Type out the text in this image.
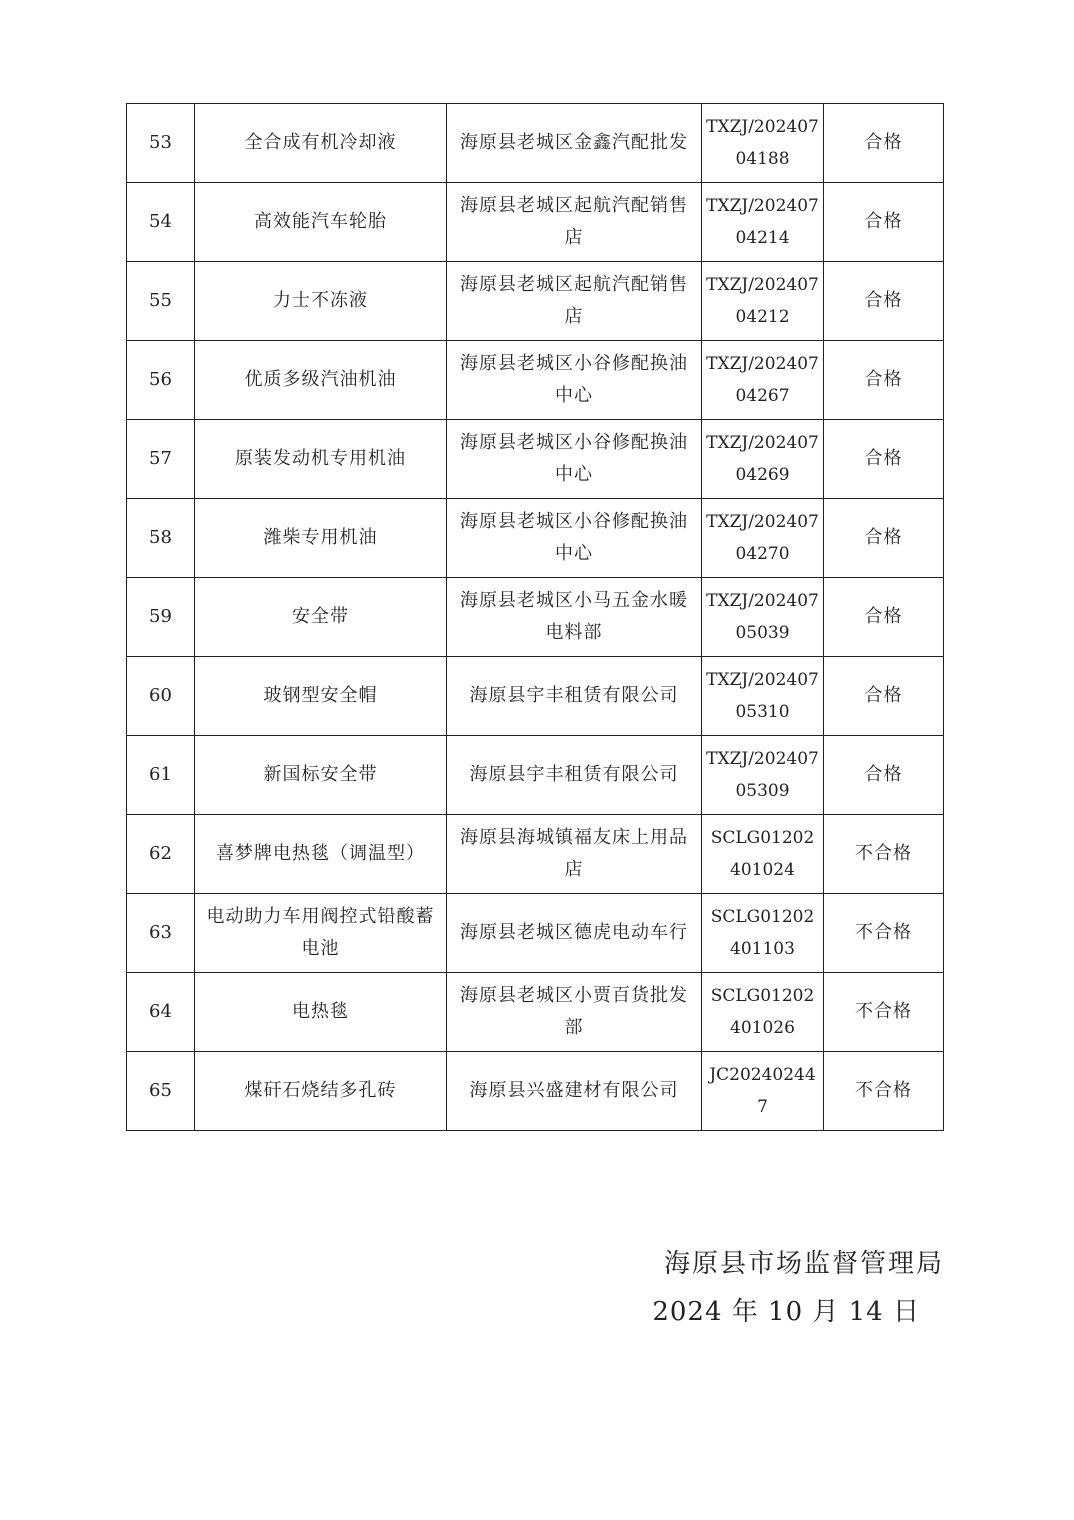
53	全合成有机冷却液	海原县老城区金鑫汽配批发	TXZJ/20240704188	合格
54	高效能汽车轮胎	海原县老城区起航汽配销售店	TXZJ/20240704214	合格
55	力士不冻液	海原县老城区起航汽配销售店	TXZJ/20240704212	合格
56	优质多级汽油机油	海原县老城区小谷修配换油中心	TXZJ/20240704267	合格
57	原装发动机专用机油	海原县老城区小谷修配换油中心	TXZJ/20240704269	合格
58	潍柴专用机油	海原县老城区小谷修配换油中心	TXZJ/20240704270	合格
59	安全带	海原县老城区小马五金水暖电料部	TXZJ/20240705039	合格
60	玻钢型安全帽	海原县宇丰租赁有限公司	TXZJ/20240705310	合格
61	新国标安全带	海原县宇丰租赁有限公司	TXZJ/20240705309	合格
62	喜梦牌电热毯（调温型）	海原县海城镇福友床上用品店	SCLG01202401024	不合格
63	电动助力车用阀控式铅酸蓄电池	海原县老城区德虎电动车行	SCLG01202401103	不合格
64	电热毯	海原县老城区小贾百货批发部	SCLG01202401026	不合格
65	煤矸石烧结多孔砖	海原县兴盛建材有限公司	JC202402447	不合格
海原县市场监督管理局
2024 年 10 月 14 日
